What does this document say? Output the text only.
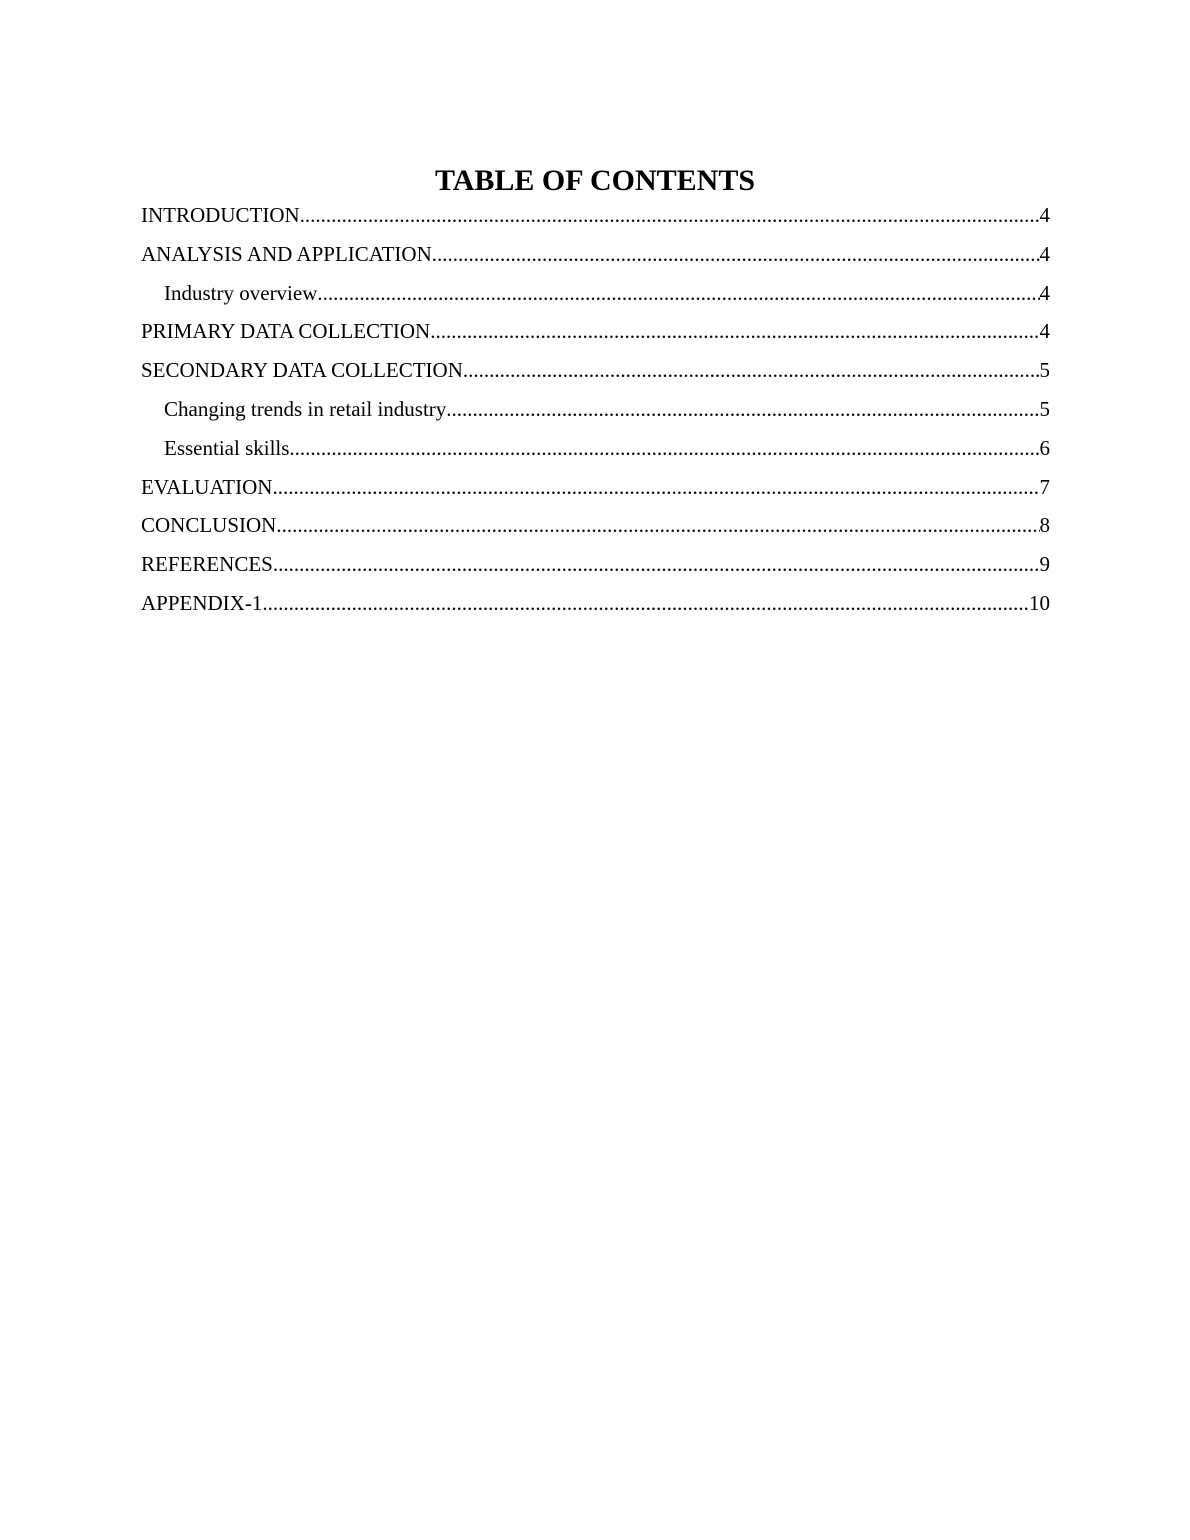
TABLE OF CONTENTS
INTRODUCTION .....	4
ANALYSIS AND APPLICATION .....	4
Industry overview .....	4
PRIMARY DATA COLLECTION .....	4
SECONDARY DATA COLLECTION .....	5
Changing trends in retail industry .....	5
Essential skills .....	6
EVALUATION .....	7
CONCLUSION .....	8
REFERENCES .....	9
APPENDIX-1 .....	10
